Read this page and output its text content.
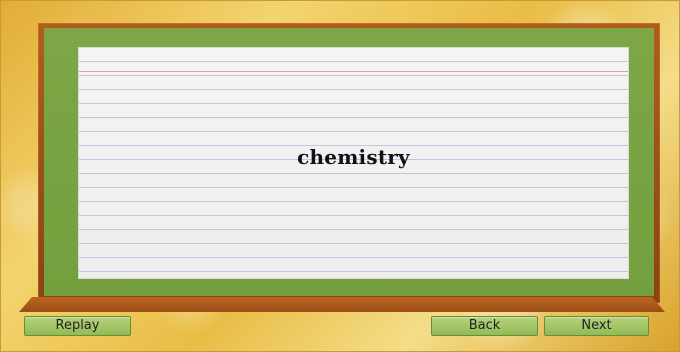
chemistry
Replay	Back	Next
